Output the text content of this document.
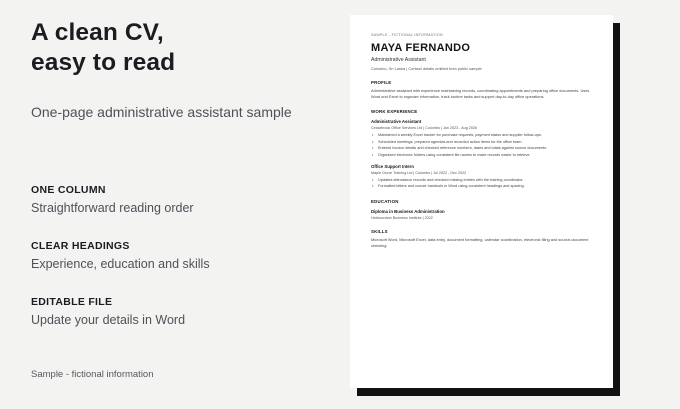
A clean CV,
easy to read

One-page administrative assistant sample

ONE COLUMN
Straightforward reading order
CLEAR HEADINGS
Experience, education and skills
EDITABLE FILE
Update your details in Word
Sample - fictional information
SAMPLE - FICTIONAL INFORMATION
MAYA FERNANDO
Administrative Assistant
Colombo, Sri Lanka | Contact details omitted from public sample
PROFILE
Administrative assistant with experience maintaining records, coordinating appointments and preparing office documents. Uses Word and Excel to organize information, track routine tasks and support day-to-day office operations.
WORK EXPERIENCE
Administrative Assistant
Cedarbrook Office Services Ltd | Colombo | Jan 2023 - Aug 2026
• Maintained a weekly Excel tracker for purchase requests, payment status and supplier follow-ups.
• Scheduled meetings, prepared agendas and recorded action items for the office team.
• Entered invoice details and checked reference numbers, dates and totals against source documents.
• Organized electronic folders using consistent file names to make records easier to retrieve.
Office Support Intern
Maple Grove Training Ltd | Colombo | Jul 2022 - Dec 2022
• Updated attendance records and checked missing entries with the training coordinator.
• Formatted letters and course handouts in Word using consistent headings and spacing.
EDUCATION
Diploma in Business Administration
Harbourview Business Institute | 2022
SKILLS
Microsoft Word, Microsoft Excel, data entry, document formatting, calendar coordination, electronic filing and source-document checking.
